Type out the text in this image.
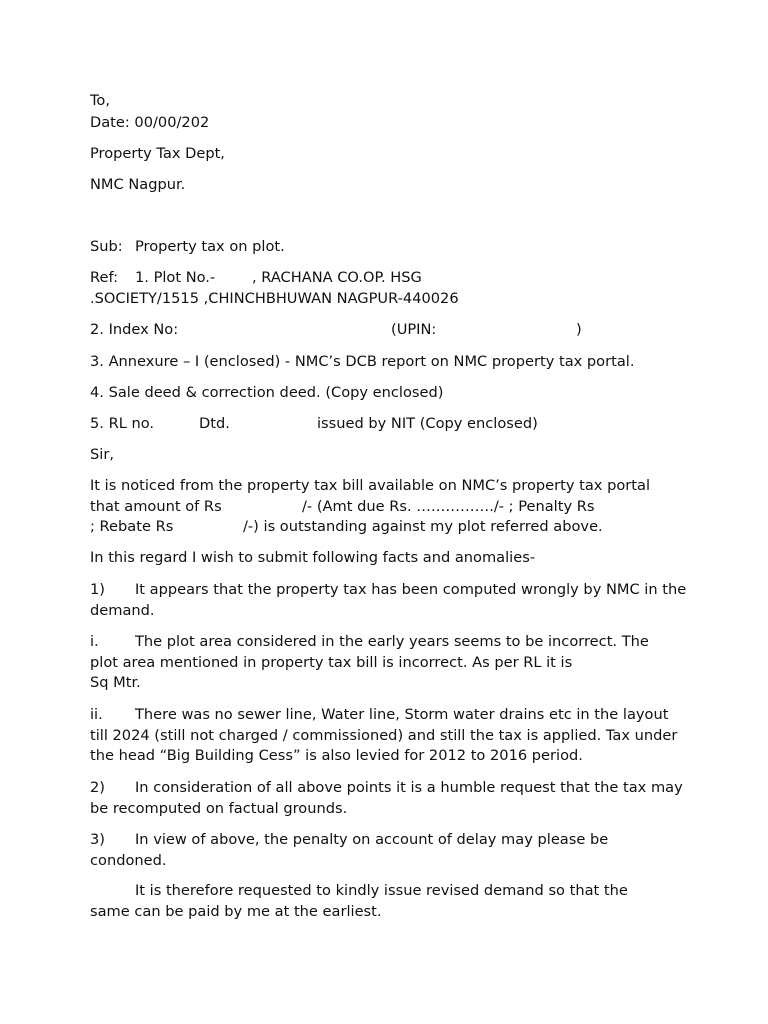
To,
Date: 00/00/202
Property Tax Dept,
NMC Nagpur.
Sub: Property tax on plot.
Ref: 1. Plot No.-	, RACHANA CO.OP. HSG
.SOCIETY/1515 ,CHINCHBHUWAN NAGPUR-440026
2. Index No:	(UPIN:	)
3. Annexure – I (enclosed) - NMC’s DCB report on NMC property tax portal.
4. Sale deed & correction deed. (Copy enclosed)
5. RL no.	Dtd.	issued by NIT (Copy enclosed)
Sir,
It is noticed from the property tax bill available on NMC’s property tax portal
that amount of Rs	/- (Amt due Rs. ……………./- ; Penalty Rs
; Rebate Rs	/-) is outstanding against my plot referred above.
In this regard I wish to submit following facts and anomalies-

1) It appears that the property tax has been computed wrongly by NMC in the demand.

i. The plot area considered in the early years seems to be incorrect. The plot area mentioned in property tax bill is incorrect. As per RL it is
Sq Mtr.

ii. There was no sewer line, Water line, Storm water drains etc in the layout till 2024 (still not charged / commissioned) and still the tax is applied. Tax under the head “Big Building Cess” is also levied for 2012 to 2016 period.

2) In consideration of all above points it is a humble request that the tax may be recomputed on factual grounds.

3) In view of above, the penalty on account of delay may please be condoned.

It is therefore requested to kindly issue revised demand so that the same can be paid by me at the earliest.
